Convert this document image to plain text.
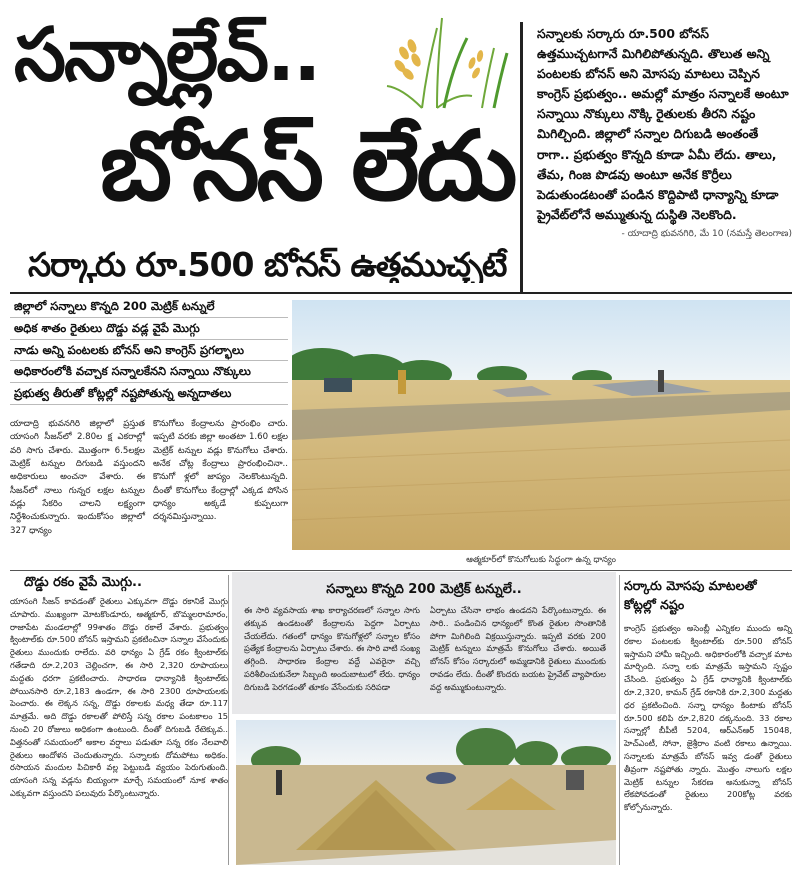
సన్నాల్లేవ్..
బోనస్ లేదు
సర్కారు రూ.500 బోనస్ ఉత్తముచ్చటే

సన్నాలకు సర్కారు రూ.500 బోనస్ ఉత్తముచ్చటగానే మిగిలిపోతున్నది. తొలుత అన్ని పంటలకు బోనస్ అని మోసపు మాటలు చెప్పిన కాంగ్రెస్ ప్రభుత్వం.. అమల్లో మాత్రం సన్నాలకే అంటూ సన్నాయి నొక్కులు నొక్కి రైతులకు తీరని నష్టం మిగిల్చింది. జిల్లాలో సన్నాల దిగుబడి అంతంతే రాగా.. ప్రభుత్వం కొన్నది కూడా ఏమీ లేదు. తాలు, తేమ, గింజ పొడవు అంటూ అనేక కొర్రీలు పెడుతుండటంతో పండిన కొద్దిపాటి ధాన్యాన్ని కూడా ప్రైవేట్‌లోనే అమ్ముతున్న దుస్థితి నెలకొంది.

- యాదాద్రి భువనగిరి, మే 10 (నమస్తే తెలంగాణ)

జిల్లాలో సన్నాలు కొన్నది 200 మెట్రిక్ టన్నులే
అధిక శాతం రైతులు దొడ్డు వడ్ల వైపే మొగ్గు
నాడు అన్ని పంటలకు బోనస్ అని కాంగ్రెస్ ప్రగల్భాలు
అధికారంలోకి వచ్చాక సన్నాలకేనని సన్నాయి నొక్కులు
ప్రభుత్వ తీరుతో కోట్లల్లో నష్టపోతున్న అన్నదాతలు

యాదాద్రి భువనగిరి జిల్లాలో ప్రస్తుత యాసంగి సీజన్‌లో 2.80ల క్ష ఎకరాల్లో వరి సాగు చేశారు. మొత్తంగా 6.5లక్షల మెట్రిక్ టన్నుల దిగుబడి వస్తుందని అధికారులు అంచనా వేశారు. ఈ సీజన్‌లో నాలు గున్నర లక్షల టన్నుల వడ్లు సేకరిం చాలని లక్ష్యంగా నిర్దేశించుకున్నారు. ఇందుకోసం జిల్లాలో 327 ధాన్యం

కొనుగోలు కేంద్రాలను ప్రారంభిం చారు. ఇప్పటి వరకు జిల్లా అంతటా 1.60 లక్షల మెట్రిక్ టన్నుల వడ్లు కొనుగోలు చేశారు. అనేక చోట్ల కేంద్రాలు ప్రారంభించినా.. కొనుగో ళ్లలో జాప్యం నెలకొంటున్నది. దీంతో కొనుగోలు కేంద్రాల్లో ఎక్కడ పోసిన ధాన్యం అక్కడే కుప్పలుగా దర్శనమిస్తున్నాయి.

ఆత్మకూర్‌లో కొనుగోలుకు సిద్ధంగా ఉన్న ధాన్యం
దొడ్డు రకం వైపే మొగ్గు..

యాసంగి సీజన్ కావడంతో రైతులు ఎక్కువగా దొడ్డు రకానికే మొగ్గు చూపారు. ముఖ్యంగా మోటకొండూరు, ఆత్మకూర్, బొమ్మలరామారం, రాజాపేట మండలాల్లో 99శాతం దొడ్డు రకాలే వేశారు. ప్రభుత్వం క్వింటాల్‌కు రూ.500 బోనస్ ఇస్తామని ప్రకటించినా సన్నాల వేసేందుకు రైతులు ముందుకు రాలేదు. వరి ధాన్యం ఏ గ్రేడ్ రకం క్వింటాల్‌కు గతేడాది రూ.2,203 చెల్లించగా, ఈ సారి 2,320 రూపాయలు మద్దతు ధరగా ప్రకటించారు. సాధారణ ధాన్యానికి క్వింటాల్‌కు పోయినసారి రూ.2,183 ఉండగా, ఈ సారి 2300 రూపాయలకు పెంచారు. ఈ లెక్కన సన్న, దొడ్డు రకాలకు మధ్య తేడా రూ.117 మాత్రమే. అది దొడ్డు రకాలతో పోలిస్తే సన్న రకాల పంటకాలం 15 నుంచి 20 రోజులు అధికంగా ఉంటుంది. దీంతో దిగుబడి రేటెక్కువ.. విత్తనంతో సమయంలో అకాల వర్షాలు పడుతూ సన్న రకం నేలవాలి రైతులు ఆందోళన చెందుతున్నారు. సన్నాలకు దోమపోటు అధికం. రసాయన మందుల పిచికారీ వల్ల పెట్టుబడి వ్యయం పెరుగుతుంది. యాసంగి సన్న వడ్లను బియ్యంగా మార్చే సమయంలో నూక శాతం ఎక్కువగా వస్తుందని పలువురు పేర్కొంటున్నారు.

సన్నాలు కొన్నది 200 మెట్రిక్ టన్నులే..

ఈ సారి వ్యవసాయ శాఖ కార్యాచరణలో సన్నాల సాగు తక్కువ ఉండటంతో కేంద్రాలను పెద్దగా ఏర్పాటు చేయలేదు. గతంలో ధాన్యం కొనుగోళ్లలో సన్నాల కోసం ప్రత్యేక కేంద్రాలను ఏర్పాటు చేశారు. ఈ సారి వాటి సంఖ్య తగ్గింది. సాధారణ కేంద్రాల వద్దే ఎవరైనా వచ్చి పరిశీలించుకునేలా సిబ్బంది అందుబాటులో లేరు. ధాన్యం దిగుబడి పెరగడంతో తూకం వేసేందుకు సరిపడా

ఏర్పాటు చేసినా లాభం ఉండదని పేర్కొంటున్నారు. ఈ సారి.. పండించిన ధాన్యంలో కొంత రైతుల సొంతానికి పోగా మిగిలింది విక్రయిస్తున్నారు. ఇప్పటి వరకు 200 మెట్రిక్ టన్నులు మాత్రమే కొనుగోలు చేశారు. అయితే బోనస్ కోసం సర్కారులో అమ్మడానికి రైతులు ముందుకు రావడం లేదు. దీంతో కొందరు బయట ప్రైవేట్ వ్యాపారుల వద్ద అమ్ముకుంటున్నారు.

సర్కారు మోసపు మాటలతో కోట్లల్లో నష్టం

కాంగ్రెస్ ప్రభుత్వం అసెంబ్లీ ఎన్నికల ముందు అన్ని రకాల పంటలకు క్వింటాల్‌కు రూ.500 బోనస్ ఇస్తామని హామీ ఇచ్చింది. అధికారంలోకి వచ్చాక మాట మార్చింది. సన్నా లకు మాత్రమే ఇస్తామని స్పష్టం చేసింది. ప్రభుత్వం ఏ గ్రేడ్ ధాన్యానికి క్వింటాల్‌కు రూ.2,320, కామన్ గ్రేడ్ రకానికి రూ.2,300 మద్దతు ధర ప్రకటించింది. సన్నా ధాన్యం కింటాకు బోనస్ రూ.500 కలిపి రూ.2,820 దక్కనుంది. 33 రకాల సన్నాల్లో బీపీటీ 5204, ఆర్‌ఎన్ఆర్ 15048, హెచ్ఎంటీ, సోనా, జైశ్రీరాం వంటి రకాలు ఉన్నాయి. సన్నాలకు మాత్రమే బోనస్ ఇవ్వ డంతో రైతులు తీవ్రంగా నష్టపోతు న్నారు. మొత్తం నాలుగు లక్షల మెట్రిక్ టన్నుల సేకరణ అనుకున్నా బోనస్ లేకపోవడంతో రైతులు 200కోట్ల వరకు కోల్పోనున్నారు.
